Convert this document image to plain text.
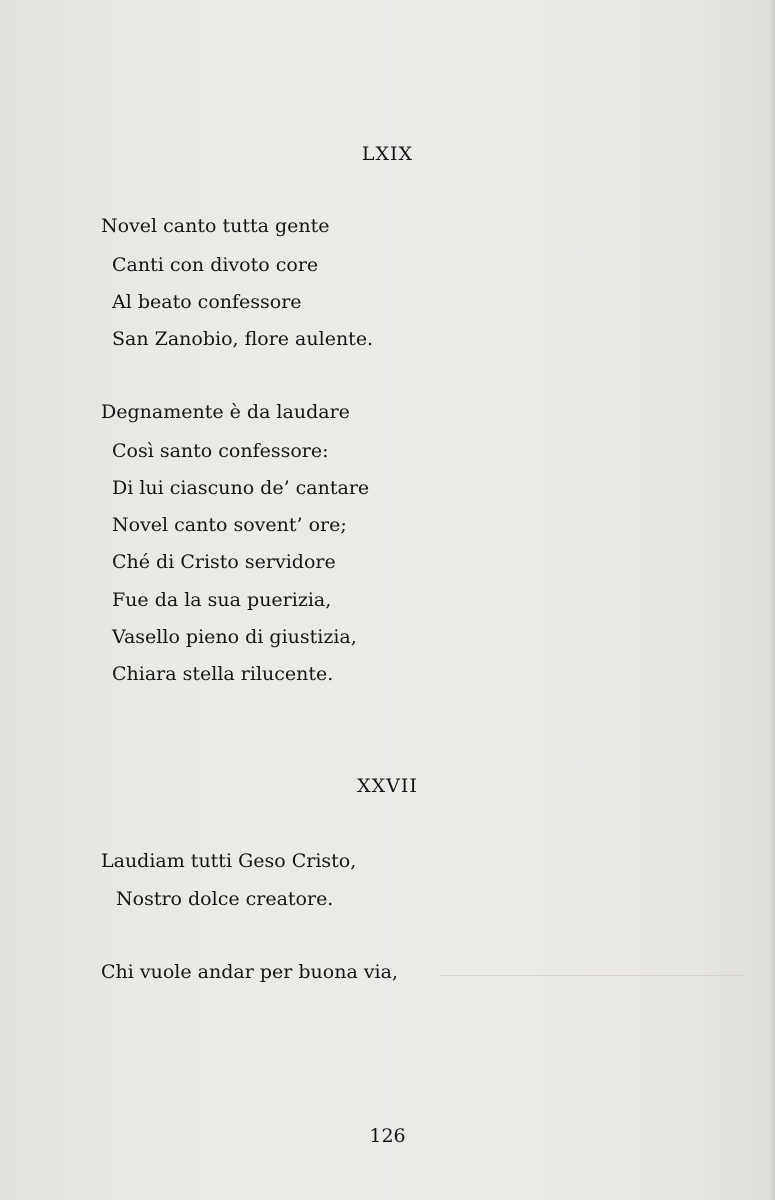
LXIX
Novel canto tutta gente
Canti con divoto core
Al beato confessore
San Zanobio, flore aulente.
Degnamente è da laudare
Così santo confessore:
Di lui ciascuno de’ cantare
Novel canto sovent’ ore;
Ché di Cristo servidore
Fue da la sua puerizia,
Vasello pieno di giustizia,
Chiara stella rilucente.
XXVII
Laudiam tutti Geso Cristo,
Nostro dolce creatore.
Chi vuole andar per buona via,
126
